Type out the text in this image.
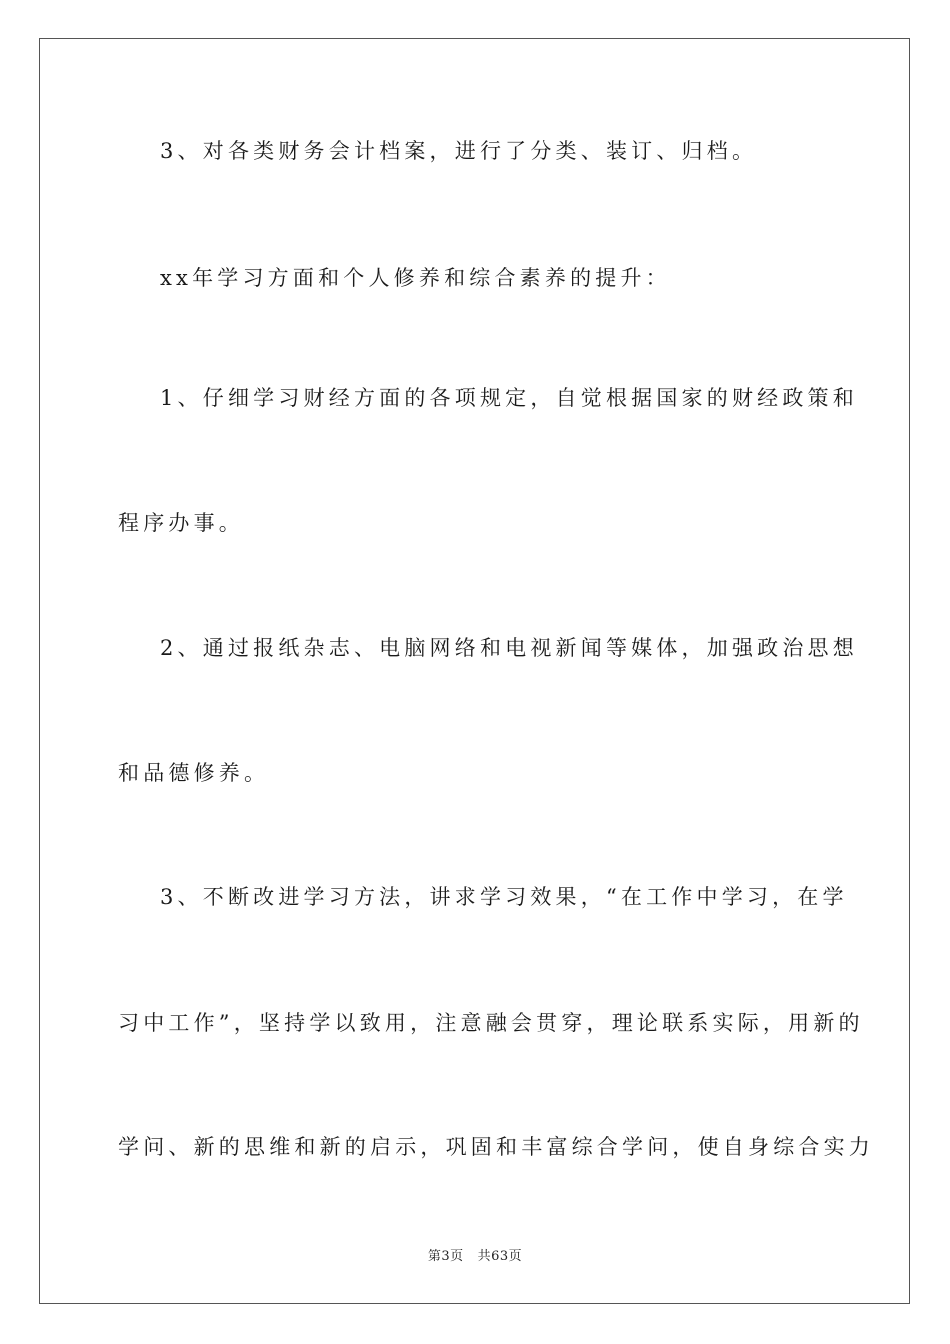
3、对各类财务会计档案，进行了分类、装订、归档。
xx年学习方面和个人修养和综合素养的提升：
1、仔细学习财经方面的各项规定，自觉根据国家的财经政策和
程序办事。
2、通过报纸杂志、电脑网络和电视新闻等媒体，加强政治思想
和品德修养。
3、不断改进学习方法，讲求学习效果，“在工作中学习，在学
习中工作”，坚持学以致用，注意融会贯穿，理论联系实际，用新的
学问、新的思维和新的启示，巩固和丰富综合学问，使自身综合实力
第3页 共63页
